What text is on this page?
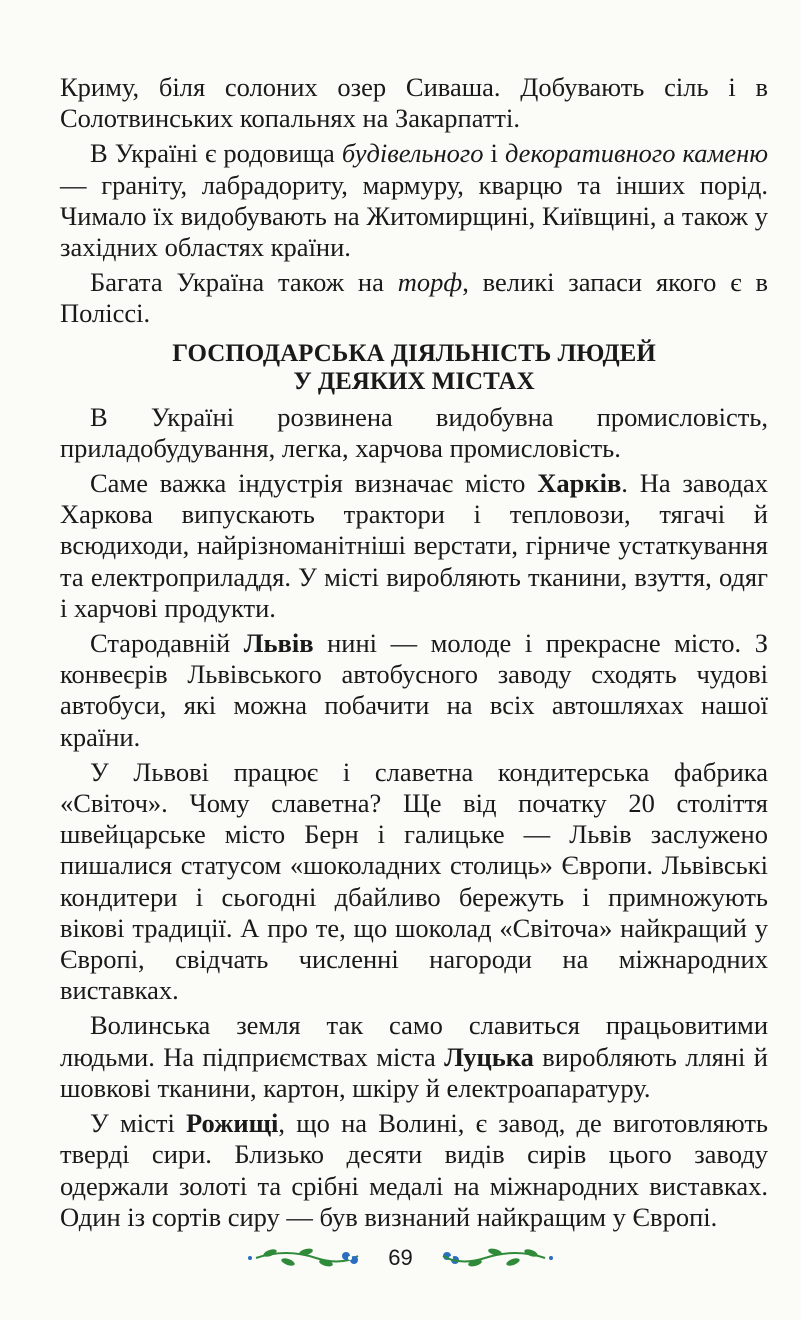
Криму, біля солоних озер Сиваша. Добувають сіль і в Солотвинських копальнях на Закарпатті.

В Україні є родовища будівельного і декоративного каменю — граніту, лабрадориту, мармуру, кварцю та інших порід. Чимало їх видобувають на Житомирщині, Київщині, а також у західних областях країни.

Багата Україна також на торф, великі запаси якого є в Поліссі.

ГОСПОДАРСЬКА ДІЯЛЬНІСТЬ ЛЮДЕЙ
У ДЕЯКИХ МІСТАХ

В Україні розвинена видобувна промисловість, приладобудування, легка, харчова промисловість.

Саме важка індустрія визначає місто Харків. На заводах Харкова випускають трактори і тепловози, тягачі й всюдиходи, найрізноманітніші верстати, гірниче устаткування та електроприладдя. У місті виробляють тканини, взуття, одяг і харчові продукти.

Стародавній Львів нині — молоде і прекрасне місто. З конвеєрів Львівського автобусного заводу сходять чудові автобуси, які можна побачити на всіх автошляхах нашої країни.

У Львові працює і славетна кондитерська фабрика «Світоч». Чому славетна? Ще від початку 20 століття швейцарське місто Берн і галицьке — Львів заслужено пишалися статусом «шоколадних столиць» Європи. Львівські кондитери і сьогодні дбайливо бережуть і примножують вікові традиції. А про те, що шоколад «Світоча» найкращий у Європі, свідчать численні нагороди на міжнародних виставках.

Волинська земля так само славиться працьовитими людьми. На підприємствах міста Луцька виробляють лляні й шовкові тканини, картон, шкіру й електроапаратуру.

У місті Рожищі, що на Волині, є завод, де виготовляють тверді сири. Близько десяти видів сирів цього заводу одержали золоті та срібні медалі на міжнародних виставках. Один із сортів сиру — був визнаний найкращим у Європі.

69
